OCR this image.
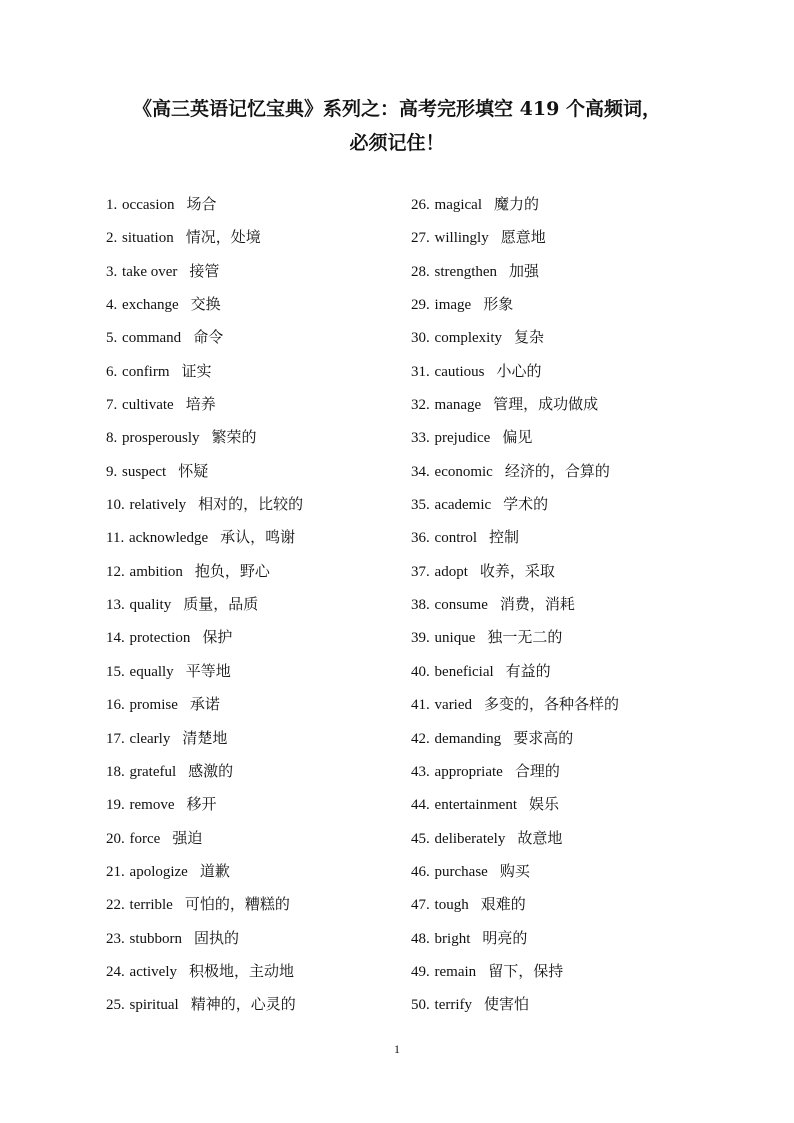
《高三英语记忆宝典》系列之：高考完形填空 419 个高频词，
必须记住！
1. occasion 场合
2. situation 情况，处境
3. take over 接管
4. exchange 交换
5. command 命令
6. confirm 证实
7. cultivate 培养
8. prosperously 繁荣的
9. suspect 怀疑
10. relatively 相对的，比较的
11. acknowledge 承认，鸣谢
12. ambition 抱负，野心
13. quality 质量，品质
14. protection 保护
15. equally 平等地
16. promise 承诺
17. clearly 清楚地
18. grateful 感激的
19. remove 移开
20. force 强迫
21. apologize 道歉
22. terrible 可怕的，糟糕的
23. stubborn 固执的
24. actively 积极地，主动地
25. spiritual 精神的，心灵的
26. magical 魔力的
27. willingly 愿意地
28. strengthen 加强
29. image 形象
30. complexity 复杂
31. cautious 小心的
32. manage 管理，成功做成
33. prejudice 偏见
34. economic 经济的，合算的
35. academic 学术的
36. control 控制
37. adopt 收养，采取
38. consume 消费，消耗
39. unique 独一无二的
40. beneficial 有益的
41. varied 多变的，各种各样的
42. demanding 要求高的
43. appropriate 合理的
44. entertainment 娱乐
45. deliberately 故意地
46. purchase 购买
47. tough 艰难的
48. bright 明亮的
49. remain 留下，保持
50. terrify 使害怕
1
